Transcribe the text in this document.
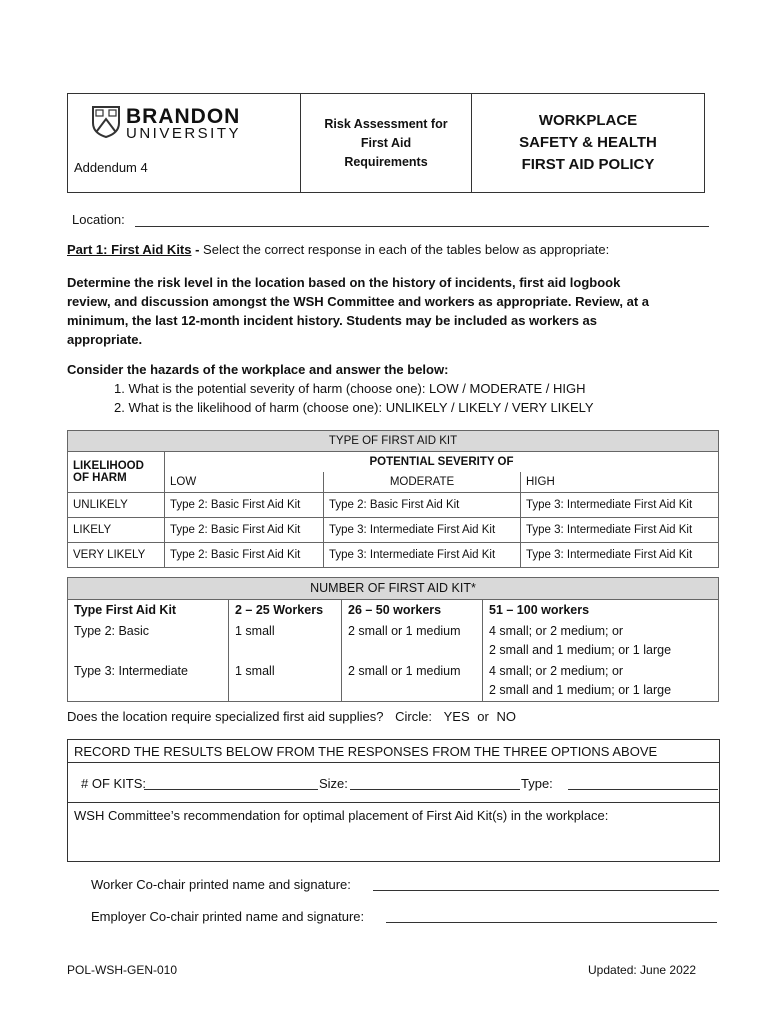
BRANDON
UNIVERSITY
Addendum 4
Risk Assessment for
First Aid
Requirements
WORKPLACE
SAFETY & HEALTH
FIRST AID POLICY
Location:
Part 1: First Aid Kits - Select the correct response in each of the tables below as appropriate:
Determine the risk level in the location based on the history of incidents, first aid logbook
review, and discussion amongst the WSH Committee and workers as appropriate. Review, at a
minimum, the last 12-month incident history. Students may be included as workers as
appropriate.
Consider the hazards of the workplace and answer the below:
1. What is the potential severity of harm (choose one): LOW / MODERATE / HIGH
2. What is the likelihood of harm (choose one): UNLIKELY / LIKELY / VERY LIKELY
TYPE OF FIRST AID KIT			

LIKELIHOOD
OF HARM	POTENTIAL SEVERITY OF		
	LOW	MODERATE	HIGH
UNLIKELY	Type 2: Basic First Aid Kit	Type 2: Basic First Aid Kit	Type 3: Intermediate First Aid Kit
LIKELY	Type 2: Basic First Aid Kit	Type 3: Intermediate First Aid Kit	Type 3: Intermediate First Aid Kit
VERY LIKELY	Type 2: Basic First Aid Kit	Type 3: Intermediate First Aid Kit	Type 3: Intermediate First Aid Kit
NUMBER OF FIRST AID KIT*			
Type First Aid Kit	2 – 25 Workers	26 – 50 workers	51 – 100 workers
Type 2: Basic	1 small	2 small or 1 medium	4 small; or 2 medium; or
2 small and 1 medium; or 1 large

Type 3: Intermediate	1 small	2 small or 1 medium	4 small; or 2 medium; or
2 small and 1 medium; or 1 large
Does the location require specialized first aid supplies? Circle: YES or NO
RECORD THE RESULTS BELOW FROM THE RESPONSES FROM THE THREE OPTIONS ABOVE
# OF KITS:	Size:	Type:
WSH Committee’s recommendation for optimal placement of First Aid Kit(s) in the workplace:
Worker Co-chair printed name and signature:
Employer Co-chair printed name and signature:
POL-WSH-GEN-010	Updated: June 2022
